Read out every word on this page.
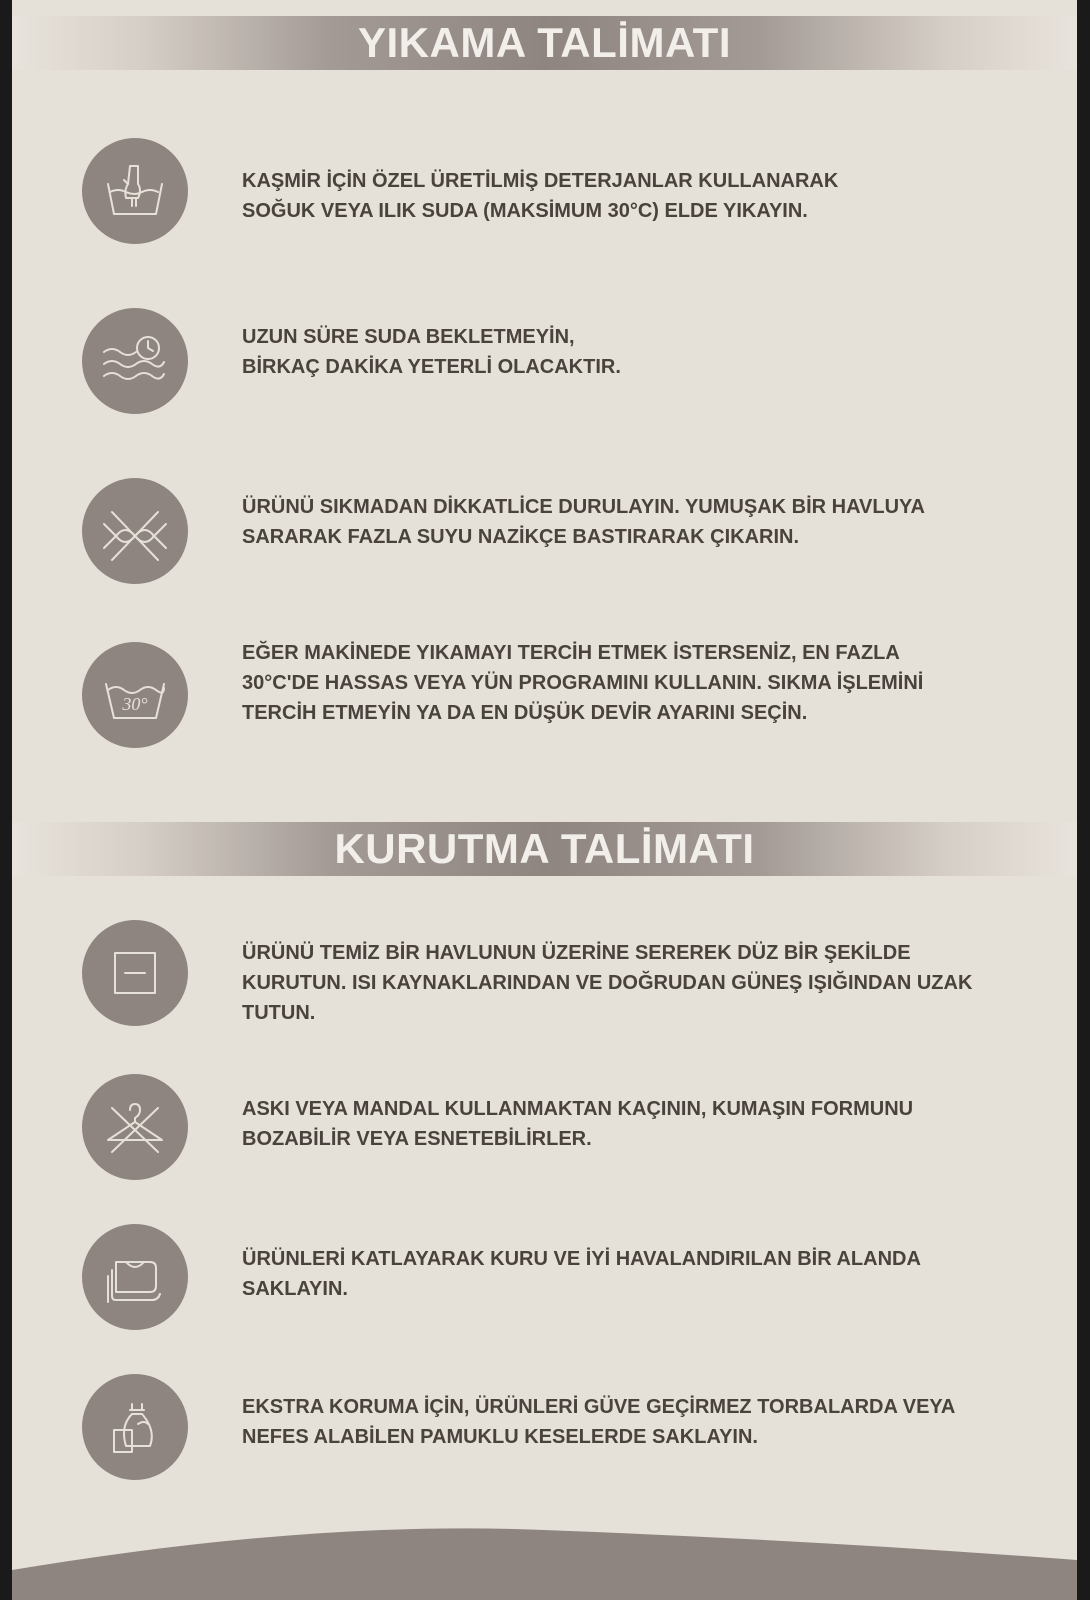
YIKAMA TALİMATI
KAŞMİR İÇİN ÖZEL ÜRETİLMİŞ DETERJANLAR KULLANARAK
SOĞUK VEYA ILIK SUDA (MAKSİMUM 30°C) ELDE YIKAYIN.
UZUN SÜRE SUDA BEKLETMEYİN,
BİRKAÇ DAKİKA YETERLİ OLACAKTIR.
ÜRÜNÜ SIKMADAN DİKKATLİCE DURULAYIN. YUMUŞAK BİR HAVLUYA
SARARAK FAZLA SUYU NAZİKÇE BASTIRARAK ÇIKARIN.
30°
EĞER MAKİNEDE YIKAMAYI TERCİH ETMEK İSTERSENİZ, EN FAZLA
30°C'DE HASSAS VEYA YÜN PROGRAMINI KULLANIN. SIKMA İŞLEMİNİ
TERCİH ETMEYİN YA DA EN DÜŞÜK DEVİR AYARINI SEÇİN.
KURUTMA TALİMATI
ÜRÜNÜ TEMİZ BİR HAVLUNUN ÜZERİNE SEREREK DÜZ BİR ŞEKİLDE
KURUTUN. ISI KAYNAKLARINDAN VE DOĞRUDAN GÜNEŞ IŞIĞINDAN UZAK
TUTUN.
ASKI VEYA MANDAL KULLANMAKTAN KAÇININ, KUMAŞIN FORMUNU
BOZABİLİR VEYA ESNETEBİLİRLER.
ÜRÜNLERİ KATLAYARAK KURU VE İYİ HAVALANDIRILAN BİR ALANDA
SAKLAYIN.
EKSTRA KORUMA İÇİN, ÜRÜNLERİ GÜVE GEÇİRMEZ TORBALARDA VEYA
NEFES ALABİLEN PAMUKLU KESELERDE SAKLAYIN.
